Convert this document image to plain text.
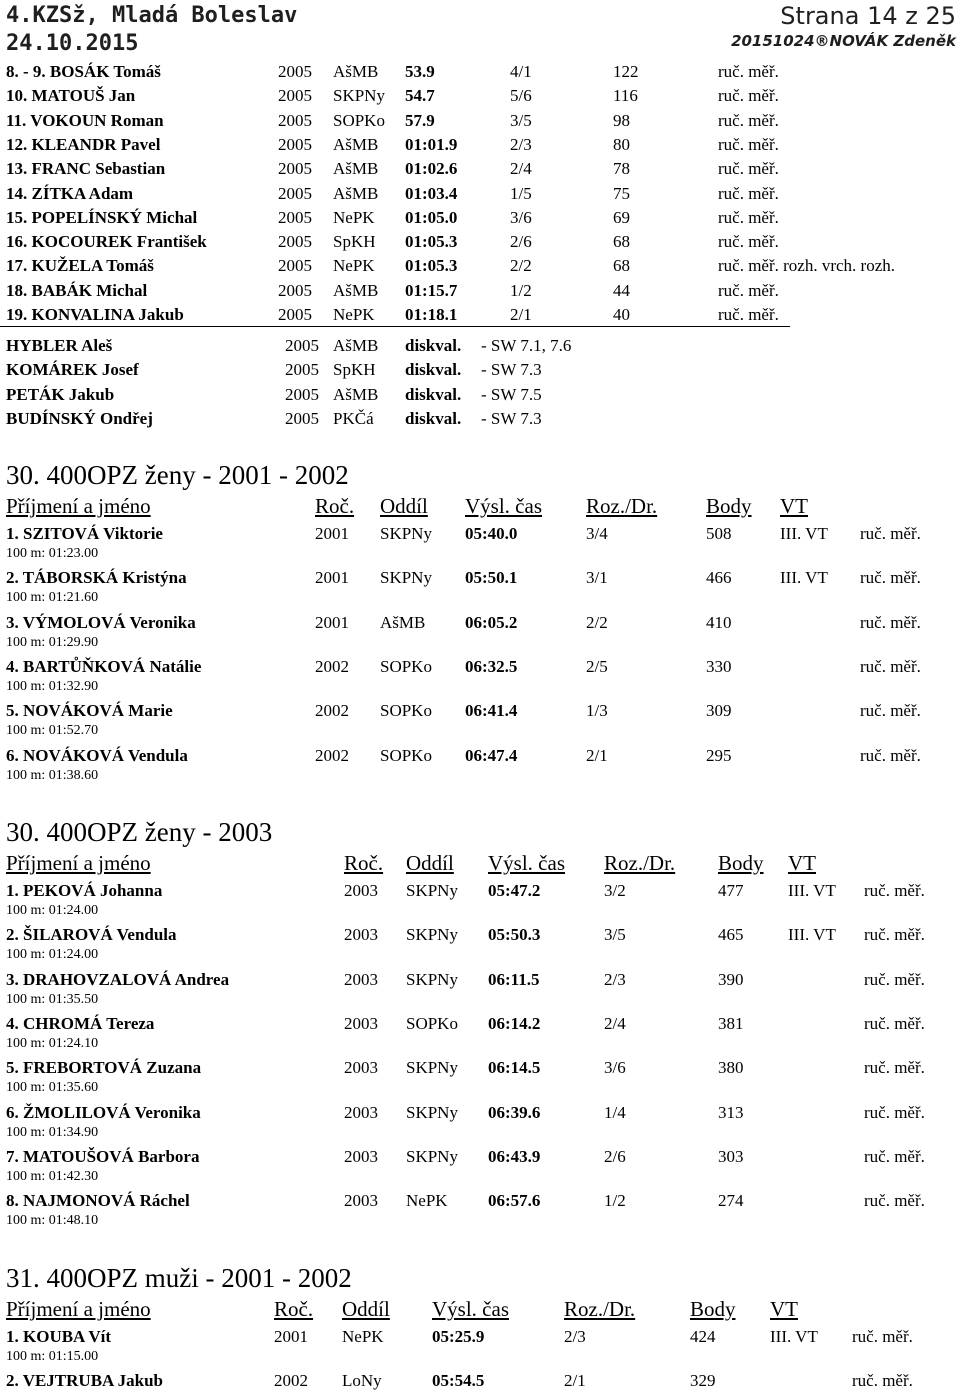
4.KZSž, Mladá Boleslav
24.10.2015
Strana 14 z 25
20151024®NOVÁK Zdeněk
8. - 9. BOSÁK Tomáš	2005 AšMB 53.9	4/1	122	ruč. měř.
10. MATOUŠ Jan	2005 SKPNy 54.7	5/6	116	ruč. měř.
11. VOKOUN Roman	2005 SOPKo 57.9	3/5	98	ruč. měř.
12. KLEANDR Pavel	2005 AšMB 01:01.9	2/3	80	ruč. měř.
13. FRANC Sebastian	2005 AšMB 01:02.6	2/4	78	ruč. měř.
14. ZÍTKA Adam	2005 AšMB 01:03.4	1/5	75	ruč. měř.
15. POPELÍNSKÝ Michal	2005 NePK 01:05.0	3/6	69	ruč. měř.
16. KOCOUREK František	2005 SpKH 01:05.3	2/6	68	ruč. měř.
17. KUŽELA Tomáš	2005 NePK 01:05.3	2/2	68	ruč. měř. rozh. vrch. rozh.
18. BABÁK Michal	2005 AšMB 01:15.7	1/2	44	ruč. měř.
19. KONVALINA Jakub	2005 NePK 01:18.1	2/1	40	ruč. měř.
HYBLER Aleš	2005 AšMB diskval. - SW 7.1, 7.6
KOMÁREK Josef	2005 SpKH diskval. - SW 7.3
PETÁK Jakub	2005 AšMB diskval. - SW 7.5
BUDÍNSKÝ Ondřej	2005 PKČá diskval. - SW 7.3
30. 400OPZ ženy - 2001 - 2002
Příjmení a jméno	Roč. Oddíl Výsl. čas Roz./Dr. Body VT
1. SZITOVÁ Viktorie	2001 SKPNy 05:40.0	3/4	508	III. VT ruč. měř.
100 m: 01:23.00
2. TÁBORSKÁ Kristýna	2001 SKPNy 05:50.1	3/1	466	III. VT ruč. měř.
100 m: 01:21.60
3. VÝMOLOVÁ Veronika	2001 AšMB 06:05.2	2/2	410	ruč. měř.
100 m: 01:29.90
4. BARTŮŇKOVÁ Natálie	2002 SOPKo 06:32.5	2/5	330	ruč. měř.
100 m: 01:32.90
5. NOVÁKOVÁ Marie	2002 SOPKo 06:41.4	1/3	309	ruč. měř.
100 m: 01:52.70
6. NOVÁKOVÁ Vendula	2002 SOPKo 06:47.4	2/1	295	ruč. měř.
100 m: 01:38.60
30. 400OPZ ženy - 2003
Příjmení a jméno	Roč. Oddíl Výsl. čas Roz./Dr. Body VT
1. PEKOVÁ Johanna	2003 SKPNy 05:47.2	3/2	477	III. VT ruč. měř.
100 m: 01:24.00
2. ŠILAROVÁ Vendula	2003 SKPNy 05:50.3	3/5	465	III. VT ruč. měř.
100 m: 01:24.00
3. DRAHOVZALOVÁ Andrea	2003 SKPNy 06:11.5	2/3	390	ruč. měř.
100 m: 01:35.50
4. CHROMÁ Tereza	2003 SOPKo 06:14.2	2/4	381	ruč. měř.
100 m: 01:24.10
5. FREBORTOVÁ Zuzana	2003 SKPNy 06:14.5	3/6	380	ruč. měř.
100 m: 01:35.60
6. ŽMOLILOVÁ Veronika	2003 SKPNy 06:39.6	1/4	313	ruč. měř.
100 m: 01:34.90
7. MATOUŠOVÁ Barbora	2003 SKPNy 06:43.9	2/6	303	ruč. měř.
100 m: 01:42.30
8. NAJMONOVÁ Ráchel	2003 NePK 06:57.6	1/2	274	ruč. měř.
100 m: 01:48.10
31. 400OPZ muži - 2001 - 2002
Příjmení a jméno	Roč. Oddíl Výsl. čas	Roz./Dr.	Body VT
1. KOUBA Vít	2001 NePK	05:25.9	2/3	424	III. VT ruč. měř.
100 m: 01:15.00
2. VEJTRUBA Jakub	2002 LoNy	05:54.5	2/1	329	ruč. měř.
